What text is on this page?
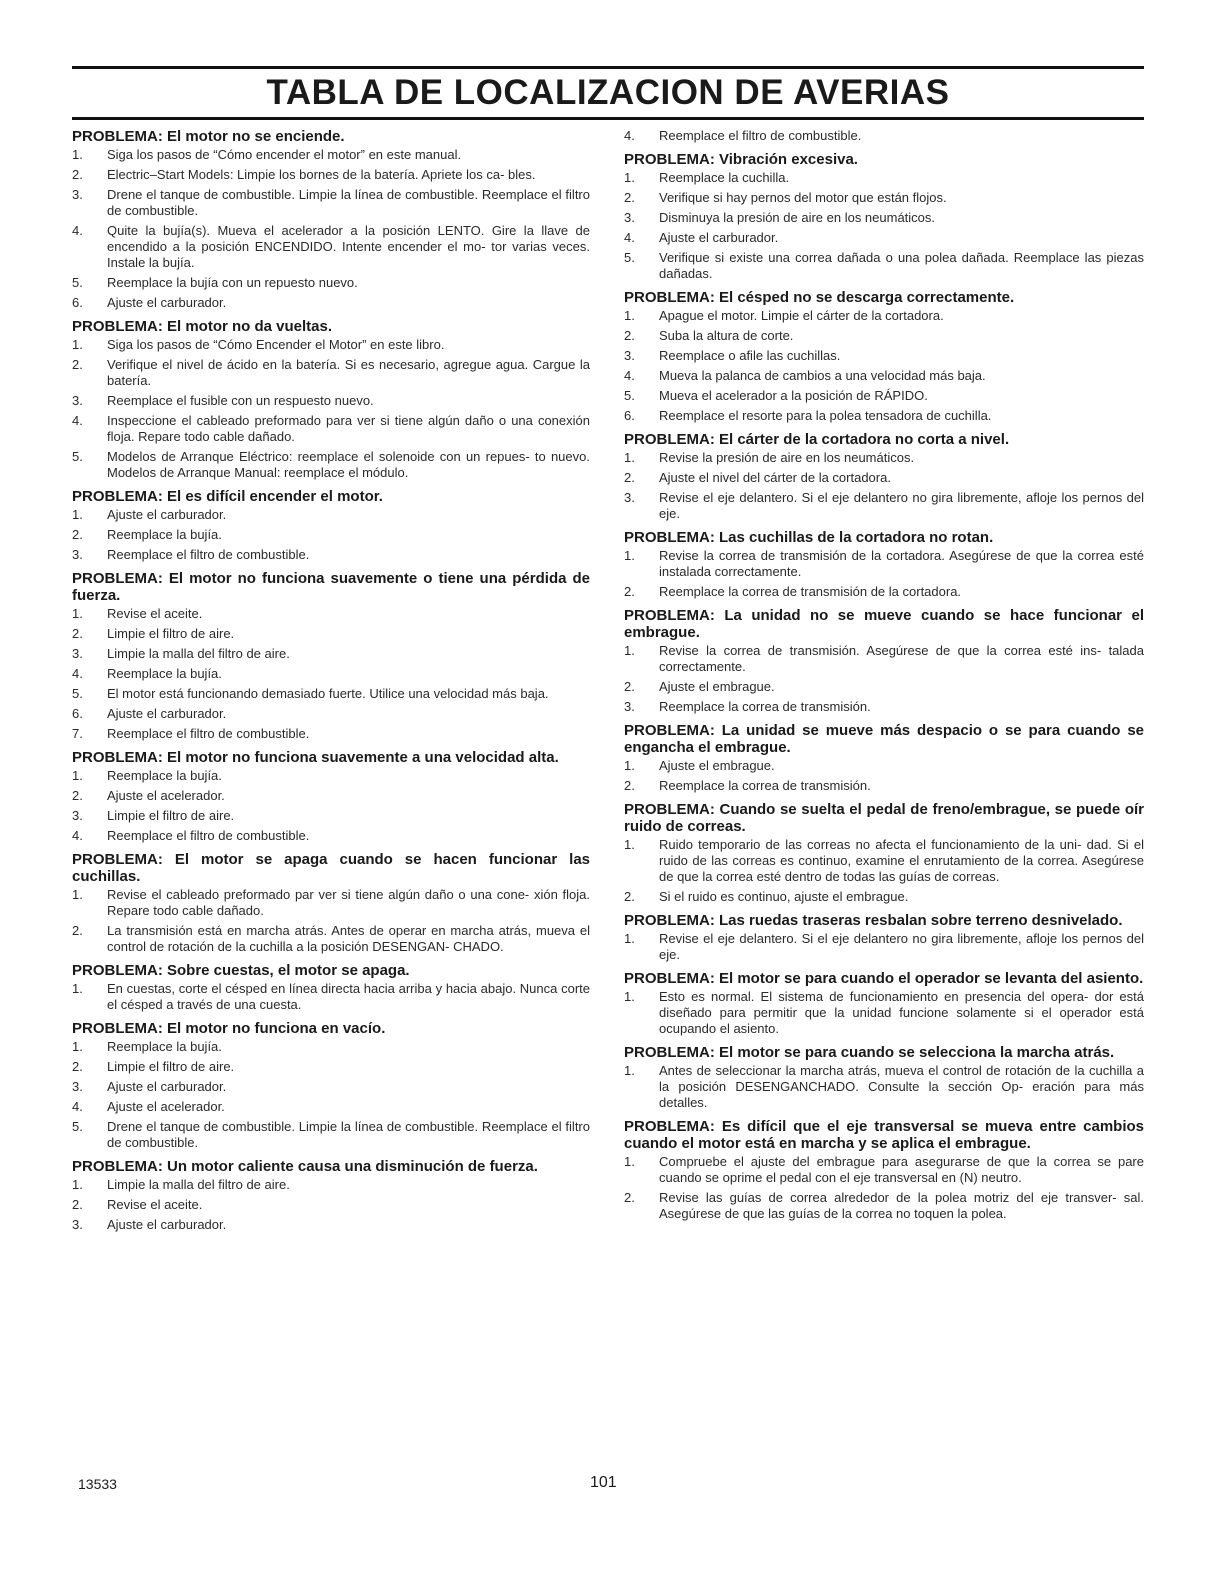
TABLA DE LOCALIZACION DE AVERIAS
PROBLEMA: El motor no se enciende.
1. Siga los pasos de “Cómo encender el motor” en este manual.
2. Electric–Start Models: Limpie los bornes de la batería. Apriete los ca- bles.
3. Drene el tanque de combustible. Limpie la línea de combustible. Reemplace el filtro de combustible.
4. Quite la bujía(s). Mueva el acelerador a la posición LENTO. Gire la llave de encendido a la posición ENCENDIDO. Intente encender el mo- tor varias veces. Instale la bujía.
5. Reemplace la bujía con un repuesto nuevo.
6. Ajuste el carburador.
PROBLEMA: El motor no da vueltas.
1. Siga los pasos de “Cómo Encender el Motor” en este libro.
2. Verifique el nivel de ácido en la batería. Si es necesario, agregue agua. Cargue la batería.
3. Reemplace el fusible con un respuesto nuevo.
4. Inspeccione el cableado preformado para ver si tiene algún daño o una conexión floja. Repare todo cable dañado.
5. Modelos de Arranque Eléctrico: reemplace el solenoide con un repues- to nuevo. Modelos de Arranque Manual: reemplace el módulo.
PROBLEMA: El es difícil encender el motor.
1. Ajuste el carburador.
2. Reemplace la bujía.
3. Reemplace el filtro de combustible.
PROBLEMA: El motor no funciona suavemente o tiene una pérdida de fuerza.
1. Revise el aceite.
2. Limpie el filtro de aire.
3. Limpie la malla del filtro de aire.
4. Reemplace la bujía.
5. El motor está funcionando demasiado fuerte. Utilice una velocidad más baja.
6. Ajuste el carburador.
7. Reemplace el filtro de combustible.
PROBLEMA: El motor no funciona suavemente a una velocidad alta.
1. Reemplace la bujía.
2. Ajuste el acelerador.
3. Limpie el filtro de aire.
4. Reemplace el filtro de combustible.
PROBLEMA: El motor se apaga cuando se hacen funcionar las cuchillas.
1. Revise el cableado preformado par ver si tiene algún daño o una cone- xión floja. Repare todo cable dañado.
2. La transmisión está en marcha atrás. Antes de operar en marcha atrás, mueva el control de rotación de la cuchilla a la posición DESENGAN- CHADO.
PROBLEMA: Sobre cuestas, el motor se apaga.
1. En cuestas, corte el césped en línea directa hacia arriba y hacia abajo. Nunca corte el césped a través de una cuesta.
PROBLEMA: El motor no funciona en vacío.
1. Reemplace la bujía.
2. Limpie el filtro de aire.
3. Ajuste el carburador.
4. Ajuste el acelerador.
5. Drene el tanque de combustible. Limpie la línea de combustible. Reemplace el filtro de combustible.
PROBLEMA: Un motor caliente causa una disminución de fuerza.
1. Limpie la malla del filtro de aire.
2. Revise el aceite.
3. Ajuste el carburador.
4. Reemplace el filtro de combustible.
PROBLEMA: Vibración excesiva.
1. Reemplace la cuchilla.
2. Verifique si hay pernos del motor que están flojos.
3. Disminuya la presión de aire en los neumáticos.
4. Ajuste el carburador.
5. Verifique si existe una correa dañada o una polea dañada. Reemplace las piezas dañadas.
PROBLEMA: El césped no se descarga correctamente.
1. Apague el motor. Limpie el cárter de la cortadora.
2. Suba la altura de corte.
3. Reemplace o afile las cuchillas.
4. Mueva la palanca de cambios a una velocidad más baja.
5. Mueva el acelerador a la posición de RÁPIDO.
6. Reemplace el resorte para la polea tensadora de cuchilla.
PROBLEMA: El cárter de la cortadora no corta a nivel.
1. Revise la presión de aire en los neumáticos.
2. Ajuste el nivel del cárter de la cortadora.
3. Revise el eje delantero. Si el eje delantero no gira libremente, afloje los pernos del eje.
PROBLEMA: Las cuchillas de la cortadora no rotan.
1. Revise la correa de transmisión de la cortadora. Asegúrese de que la correa esté instalada correctamente.
2. Reemplace la correa de transmisión de la cortadora.
PROBLEMA: La unidad no se mueve cuando se hace funcionar el embrague.
1. Revise la correa de transmisión. Asegúrese de que la correa esté ins- talada correctamente.
2. Ajuste el embrague.
3. Reemplace la correa de transmisión.
PROBLEMA: La unidad se mueve más despacio o se para cuando se engancha el embrague.
1. Ajuste el embrague.
2. Reemplace la correa de transmisión.
PROBLEMA: Cuando se suelta el pedal de freno/embrague, se puede oír ruido de correas.
1. Ruido temporario de las correas no afecta el funcionamiento de la uni- dad. Si el ruido de las correas es continuo, examine el enrutamiento de la correa. Asegúrese de que la correa esté dentro de todas las guías de correas.
2. Si el ruido es continuo, ajuste el embrague.
PROBLEMA: Las ruedas traseras resbalan sobre terreno desnivelado.
1. Revise el eje delantero. Si el eje delantero no gira libremente, afloje los pernos del eje.
PROBLEMA: El motor se para cuando el operador se levanta del asiento.
1. Esto es normal. El sistema de funcionamiento en presencia del opera- dor está diseñado para permitir que la unidad funcione solamente si el operador está ocupando el asiento.
PROBLEMA: El motor se para cuando se selecciona la marcha atrás.
1. Antes de seleccionar la marcha atrás, mueva el control de rotación de la cuchilla a la posición DESENGANCHADO. Consulte la sección Op- eración para más detalles.
PROBLEMA: Es difícil que el eje transversal se mueva entre cambios cuando el motor está en marcha y se aplica el embrague.
1. Compruebe el ajuste del embrague para asegurarse de que la correa se pare cuando se oprime el pedal con el eje transversal en (N) neutro.
2. Revise las guías de correa alrededor de la polea motriz del eje transver- sal. Asegúrese de que las guías de la correa no toquen la polea.
13533	101
